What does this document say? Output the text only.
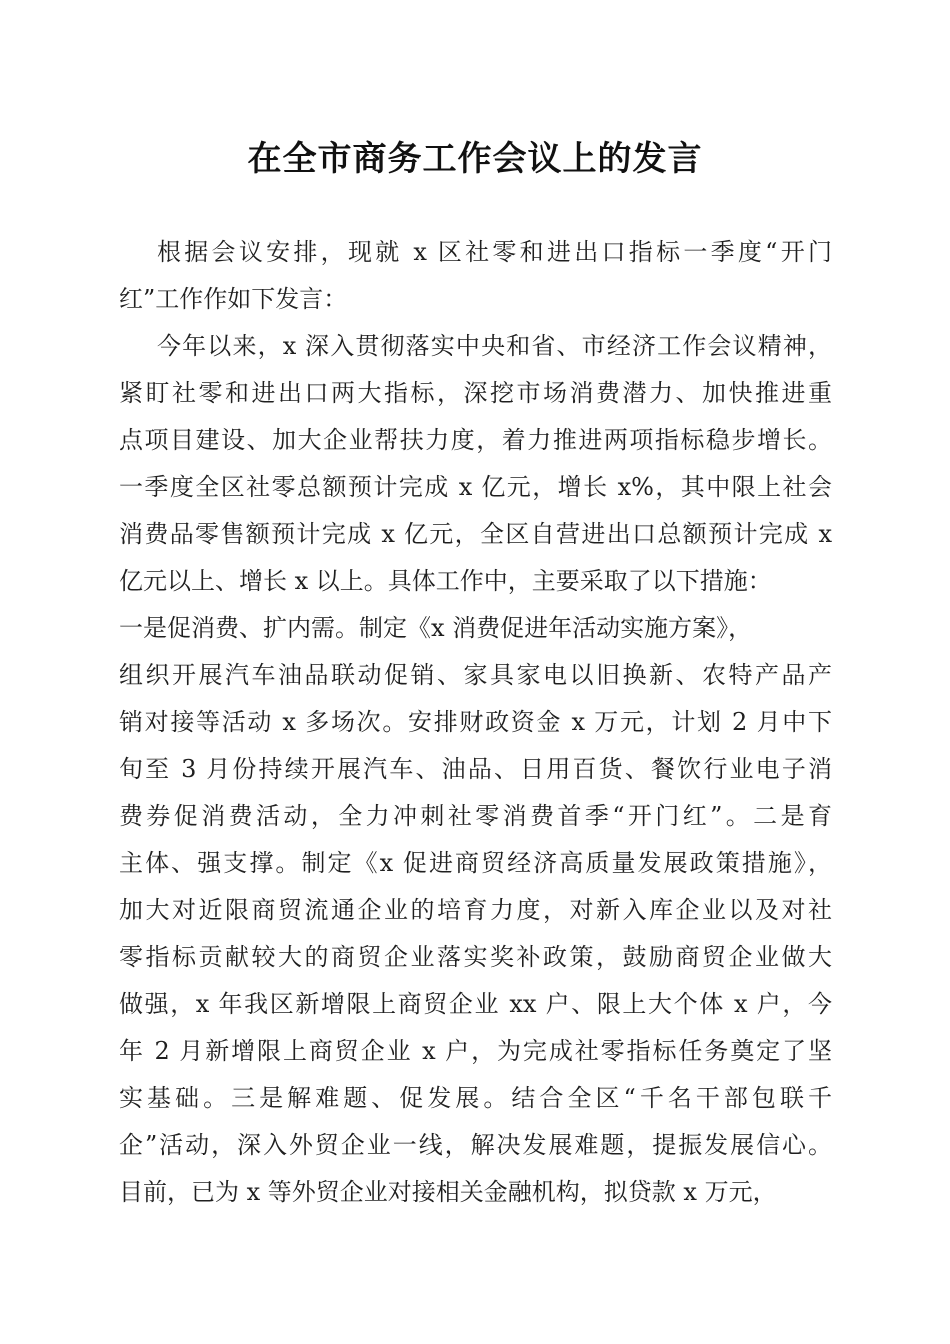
在全市商务工作会议上的发言
根据会议安排，现就 x 区社零和进出口指标一季度“开门
红”工作作如下发言：
今年以来，x 深入贯彻落实中央和省、市经济工作会议精神，
紧盯社零和进出口两大指标，深挖市场消费潜力、加快推进重
点项目建设、加大企业帮扶力度，着力推进两项指标稳步增长。
一季度全区社零总额预计完成 x 亿元，增长 x%，其中限上社会
消费品零售额预计完成 x 亿元，全区自营进出口总额预计完成 x
亿元以上、增长 x 以上。具体工作中，主要采取了以下措施：
一是促消费、扩内需。制定《x 消费促进年活动实施方案》，
组织开展汽车油品联动促销、家具家电以旧换新、农特产品产
销对接等活动 x 多场次。安排财政资金 x 万元，计划 2 月中下
旬至 3 月份持续开展汽车、油品、日用百货、餐饮行业电子消
费券促消费活动，全力冲刺社零消费首季“开门红”。二是育
主体、强支撑。制定《x 促进商贸经济高质量发展政策措施》，
加大对近限商贸流通企业的培育力度，对新入库企业以及对社
零指标贡献较大的商贸企业落实奖补政策，鼓励商贸企业做大
做强，x 年我区新增限上商贸企业 xx 户、限上大个体 x 户，今
年 2 月新增限上商贸企业 x 户，为完成社零指标任务奠定了坚
实基础。三是解难题、促发展。结合全区“千名干部包联千
企”活动，深入外贸企业一线，解决发展难题，提振发展信心。
目前，已为 x 等外贸企业对接相关金融机构，拟贷款 x 万元，
